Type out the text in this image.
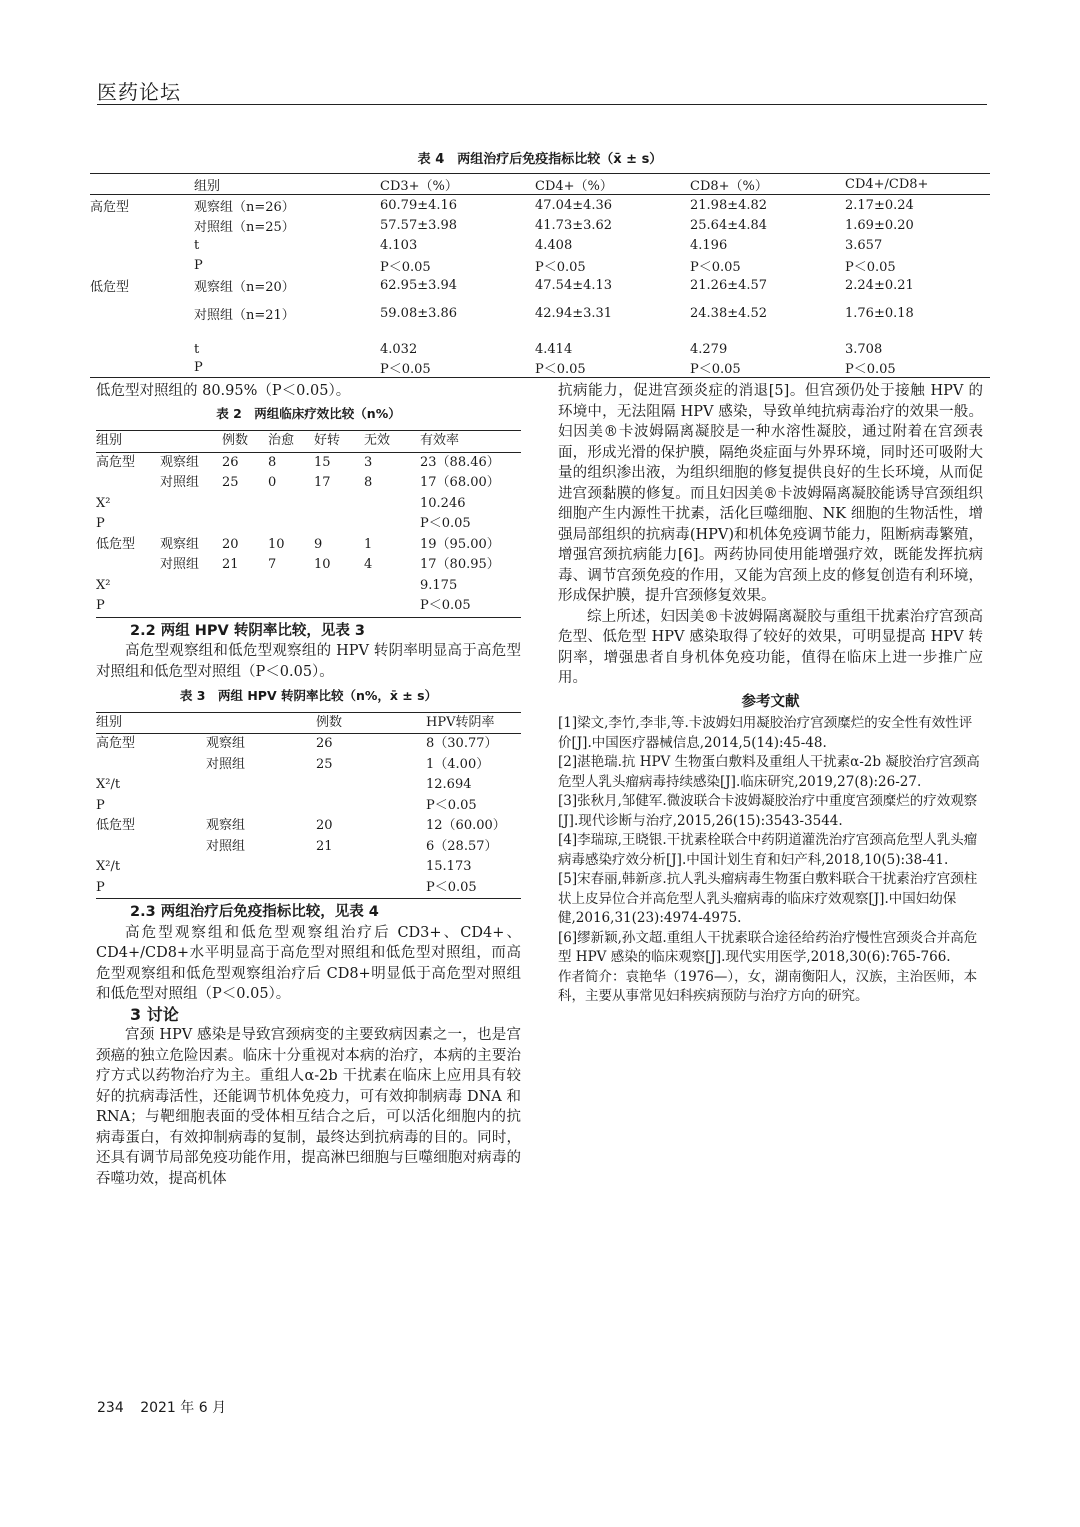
医药论坛
表 4　两组治疗后免疫指标比较（x̄ ± s）
	组别	CD3+（%）	CD4+（%）	CD8+（%）	CD4+/CD8+
高危型	观察组（n=26）	60.79±4.16	47.04±4.36	21.98±4.82	2.17±0.24
	对照组（n=25）	57.57±3.98	41.73±3.62	25.64±4.84	1.69±0.20
	t	4.103	4.408	4.196	3.657
	P	P＜0.05	P＜0.05	P＜0.05	P＜0.05
低危型	观察组（n=20）	62.95±3.94	47.54±4.13	21.26±4.57	2.24±0.21
	对照组（n=21）	59.08±3.86	42.94±3.31	24.38±4.52	1.76±0.18
	t	4.032	4.414	4.279	3.708
	P	P＜0.05	P＜0.05	P＜0.05	P＜0.05

低危型对照组的 80.95%（P＜0.05）。

表 2　两组临床疗效比较（n%）
组别		例数	治愈	好转	无效	有效率
高危型	观察组	26	8	15	3	23（88.46）
	对照组	25	0	17	8	17（68.00）
X²						10.246
P						P＜0.05
低危型	观察组	20	10	9	1	19（95.00）
	对照组	21	7	10	4	17（80.95）
X²						9.175
P						P＜0.05

2.2 两组 HPV 转阴率比较，见表 3

高危型观察组和低危型观察组的 HPV 转阴率明显高于高危型对照组和低危型对照组（P＜0.05）。

表 3　两组 HPV 转阴率比较（n%，x̄ ± s）
组别		例数	HPV转阴率
高危型	观察组	26	8（30.77）
	对照组	25	1（4.00）
X²/t			12.694
P			P＜0.05
低危型	观察组	20	12（60.00）
	对照组	21	6（28.57）
X²/t			15.173
P			P＜0.05

2.3 两组治疗后免疫指标比较，见表 4

高危型观察组和低危型观察组治疗后 CD3+、CD4+、CD4+/CD8+水平明显高于高危型对照组和低危型对照组，而高危型观察组和低危型观察组治疗后 CD8+明显低于高危型对照组和低危型对照组（P＜0.05）。

3 讨论

宫颈 HPV 感染是导致宫颈病变的主要致病因素之一，也是宫颈癌的独立危险因素。临床十分重视对本病的治疗，本病的主要治疗方式以药物治疗为主。重组人α-2b 干扰素在临床上应用具有较好的抗病毒活性，还能调节机体免疫力，可有效抑制病毒 DNA 和 RNA；与靶细胞表面的受体相互结合之后，可以活化细胞内的抗病毒蛋白，有效抑制病毒的复制，最终达到抗病毒的目的。同时，还具有调节局部免疫功能作用，提高淋巴细胞与巨噬细胞对病毒的吞噬功效，提高机体

抗病能力，促进宫颈炎症的消退[5]。但宫颈仍处于接触 HPV 的环境中，无法阻隔 HPV 感染，导致单纯抗病毒治疗的效果一般。妇因美®卡波姆隔离凝胶是一种水溶性凝胶，通过附着在宫颈表面，形成光滑的保护膜，隔绝炎症面与外界环境，同时还可吸附大量的组织渗出液，为组织细胞的修复提供良好的生长环境，从而促进宫颈黏膜的修复。而且妇因美®卡波姆隔离凝胶能诱导宫颈组织细胞产生内源性干扰素，活化巨噬细胞、NK 细胞的生物活性，增强局部组织的抗病毒(HPV)和机体免疫调节能力，阻断病毒繁殖，增强宫颈抗病能力[6]。两药协同使用能增强疗效，既能发挥抗病毒、调节宫颈免疫的作用，又能为宫颈上皮的修复创造有利环境，形成保护膜，提升宫颈修复效果。

综上所述，妇因美®卡波姆隔离凝胶与重组干扰素治疗宫颈高危型、低危型 HPV 感染取得了较好的效果，可明显提高 HPV 转阴率，增强患者自身机体免疫功能，值得在临床上进一步推广应用。

参考文献

[1]梁文,李竹,李非,等.卡波姆妇用凝胶治疗宫颈糜烂的安全性有效性评价[J].中国医疗器械信息,2014,5(14):45-48.

[2]湛艳瑞.抗 HPV 生物蛋白敷料及重组人干扰素α-2b 凝胶治疗宫颈高危型人乳头瘤病毒持续感染[J].临床研究,2019,27(8):26-27.

[3]张秋月,邹健军.微波联合卡波姆凝胶治疗中重度宫颈糜烂的疗效观察[J].现代诊断与治疗,2015,26(15):3543-3544.

[4]李瑞琼,王晓银.干扰素栓联合中药阴道灌洗治疗宫颈高危型人乳头瘤病毒感染疗效分析[J].中国计划生育和妇产科,2018,10(5):38-41.

[5]宋春丽,韩新彦.抗人乳头瘤病毒生物蛋白敷料联合干扰素治疗宫颈柱状上皮异位合并高危型人乳头瘤病毒的临床疗效观察[J].中国妇幼保健,2016,31(23):4974-4975.

[6]缪新颖,孙文超.重组人干扰素联合途径给药治疗慢性宫颈炎合并高危型 HPV 感染的临床观察[J].现代实用医学,2018,30(6):765-766.

作者简介：袁艳华（1976—），女，湖南衡阳人，汉族，主治医师，本科，主要从事常见妇科疾病预防与治疗方向的研究。

234 2021 年 6 月
